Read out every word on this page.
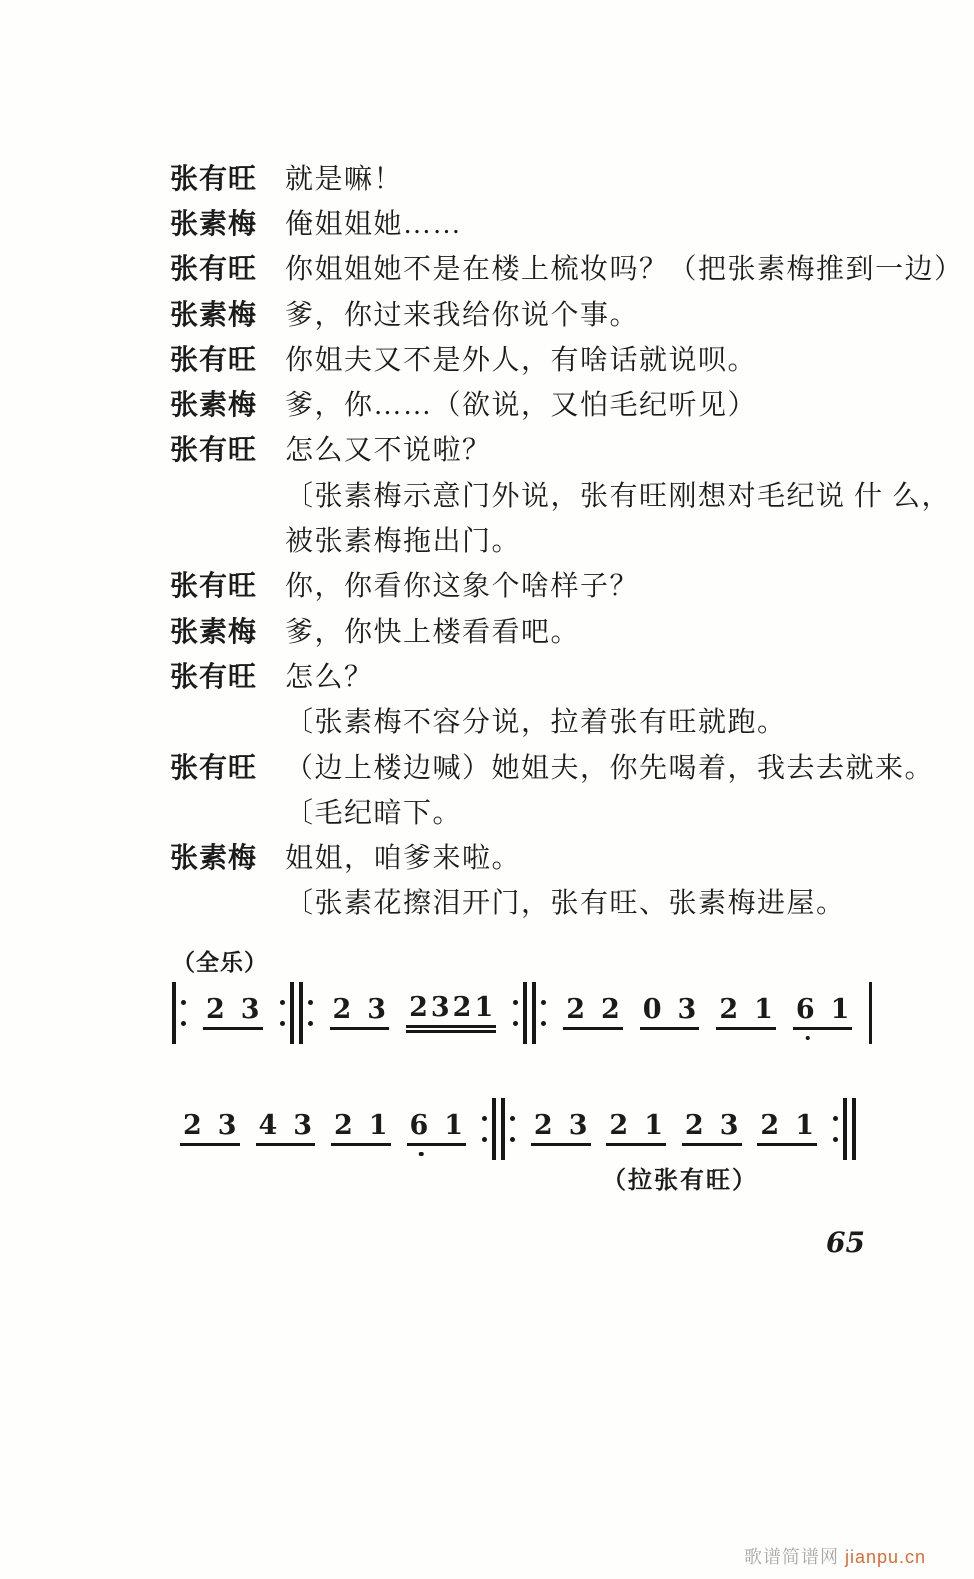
张有旺 就是嘛！
张素梅 俺姐姐她……
张有旺 你姐姐她不是在楼上梳妆吗？（把张素梅推到一边）
张素梅 爹，你过来我给你说个事。
张有旺 你姐夫又不是外人，有啥话就说呗。
张素梅 爹，你……（欲说，又怕毛纪听见）
张有旺 怎么又不说啦？
〔张素梅示意门外说，张有旺刚想对毛纪说 什 么，
被张素梅拖出门。
张有旺 你，你看你这象个啥样子？
张素梅 爹，你快上楼看看吧。
张有旺 怎么？
〔张素梅不容分说，拉着张有旺就跑。
张有旺 （边上楼边喊）她姐夫，你先喝着，我去去就来。
〔毛纪暗下。
张素梅 姐姐，咱爹来啦。
〔张素花擦泪开门，张有旺、张素梅进屋。
（全乐）
2 3	2 3 2 3 2 1	2 2 0 3 2 1 6 1
2 3 4 3 2 1 6 1	2 3 2 1 2 3 2 1
（拉张有旺）
65
歌谱简谱网 jianpu.cn
